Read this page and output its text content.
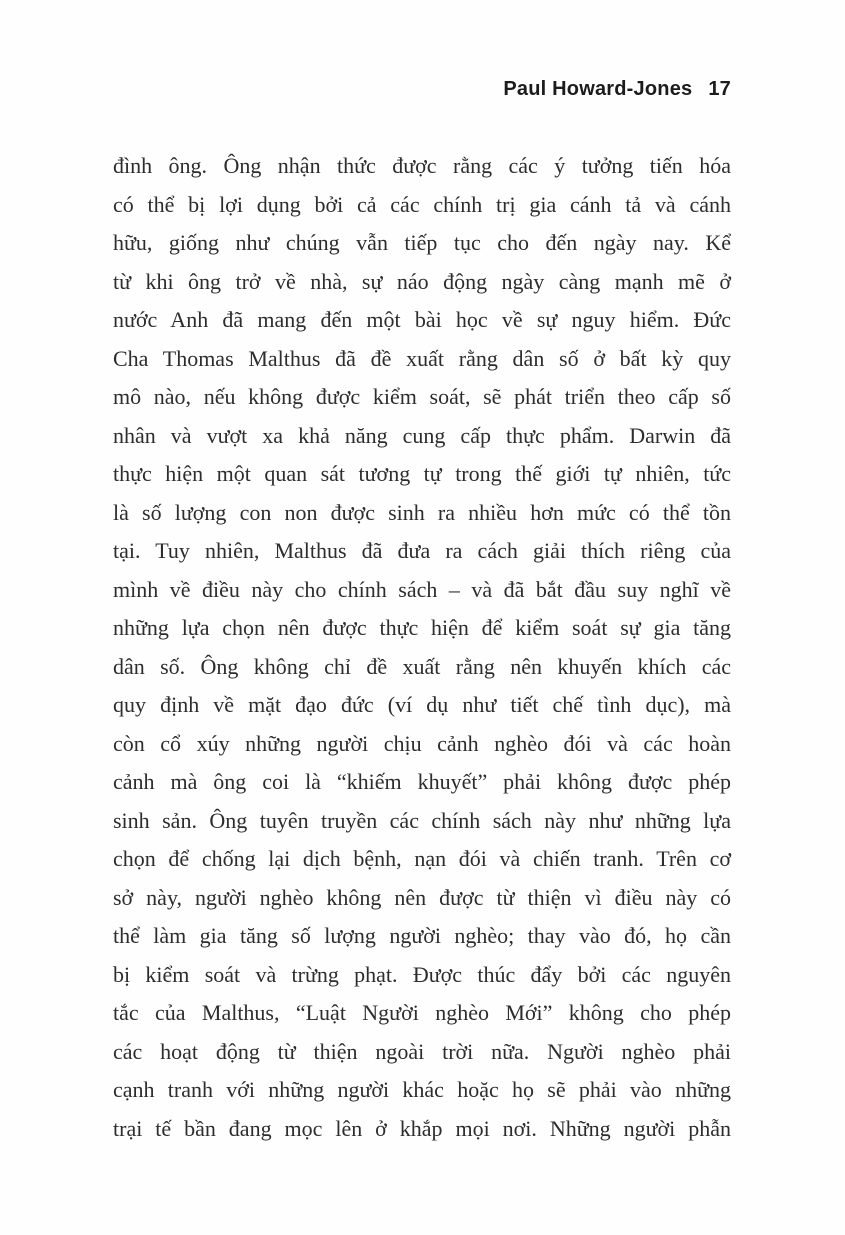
Paul Howard-Jones 17
đình ông. Ông nhận thức được rằng các ý tưởng tiến hóa
có thể bị lợi dụng bởi cả các chính trị gia cánh tả và cánh
hữu, giống như chúng vẫn tiếp tục cho đến ngày nay. Kể
từ khi ông trở về nhà, sự náo động ngày càng mạnh mẽ ở
nước Anh đã mang đến một bài học về sự nguy hiểm. Đức
Cha Thomas Malthus đã đề xuất rằng dân số ở bất kỳ quy
mô nào, nếu không được kiểm soát, sẽ phát triển theo cấp số
nhân và vượt xa khả năng cung cấp thực phẩm. Darwin đã
thực hiện một quan sát tương tự trong thế giới tự nhiên, tức
là số lượng con non được sinh ra nhiều hơn mức có thể tồn
tại. Tuy nhiên, Malthus đã đưa ra cách giải thích riêng của
mình về điều này cho chính sách – và đã bắt đầu suy nghĩ về
những lựa chọn nên được thực hiện để kiểm soát sự gia tăng
dân số. Ông không chỉ đề xuất rằng nên khuyến khích các
quy định về mặt đạo đức (ví dụ như tiết chế tình dục), mà
còn cổ xúy những người chịu cảnh nghèo đói và các hoàn
cảnh mà ông coi là “khiếm khuyết” phải không được phép
sinh sản. Ông tuyên truyền các chính sách này như những lựa
chọn để chống lại dịch bệnh, nạn đói và chiến tranh. Trên cơ
sở này, người nghèo không nên được từ thiện vì điều này có
thể làm gia tăng số lượng người nghèo; thay vào đó, họ cần
bị kiểm soát và trừng phạt. Được thúc đẩy bởi các nguyên
tắc của Malthus, “Luật Người nghèo Mới” không cho phép
các hoạt động từ thiện ngoài trời nữa. Người nghèo phải
cạnh tranh với những người khác hoặc họ sẽ phải vào những
trại tế bần đang mọc lên ở khắp mọi nơi. Những người phẫn
